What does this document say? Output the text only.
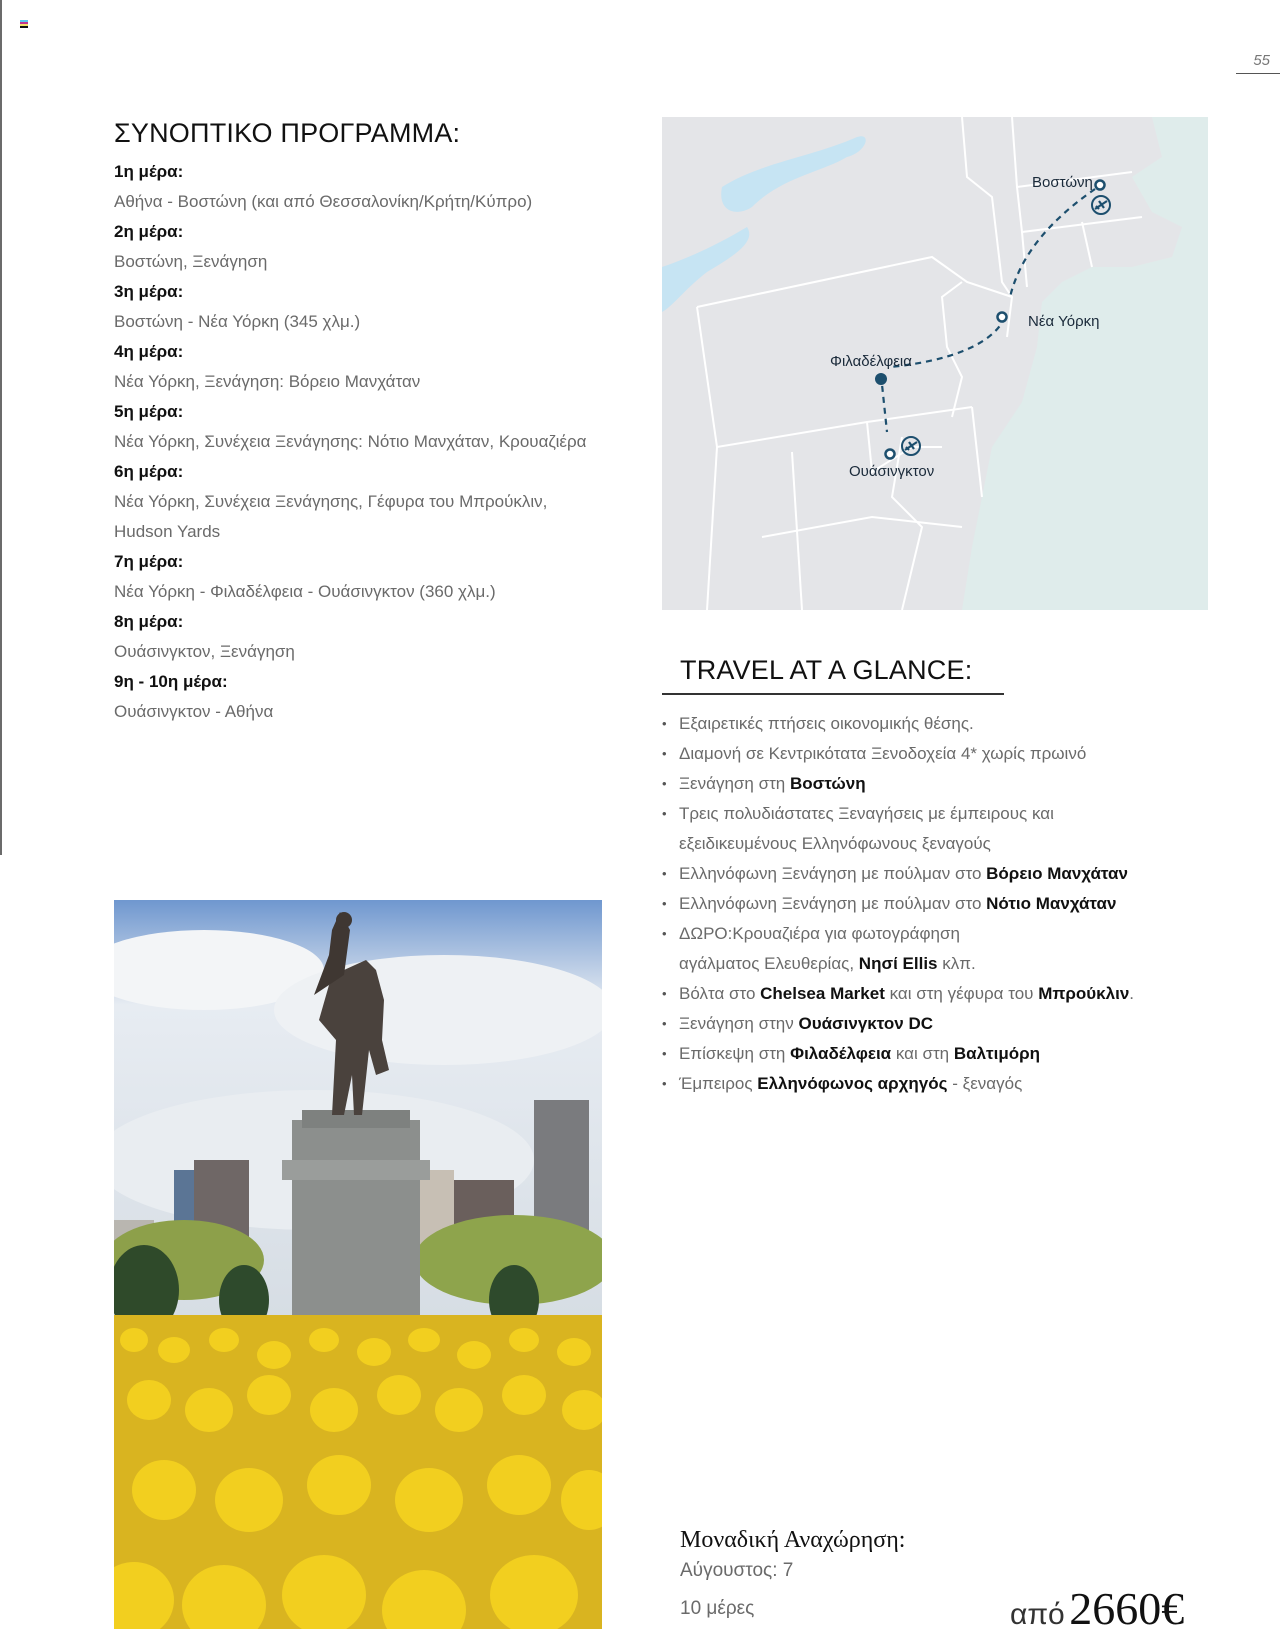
55
ΣΥΝΟΠΤΙΚΟ ΠΡΟΓΡΑΜΜΑ:
1η μέρα:
Αθήνα - Βοστώνη (και από Θεσσαλονίκη/Κρήτη/Κύπρο)
2η μέρα:
Βοστώνη, Ξενάγηση
3η μέρα:
Βοστώνη - Νέα Υόρκη (345 χλμ.)
4η μέρα:
Νέα Υόρκη, Ξενάγηση: Βόρειο Μανχάταν
5η μέρα:
Νέα Υόρκη, Συνέχεια Ξενάγησης: Νότιο Μανχάταν, Κρουαζιέρα
6η μέρα:
Νέα Υόρκη, Συνέχεια Ξενάγησης, Γέφυρα του Μπρούκλιν,
Hudson Yards
7η μέρα:
Νέα Υόρκη - Φιλαδέλφεια - Ουάσινγκτον (360 χλμ.)
8η μέρα:
Ουάσινγκτον, Ξενάγηση
9η - 10η μέρα:
Ουάσινγκτον - Αθήνα
Βοστώνη
Νέα Υόρκη
Φιλαδέλφεια
Ουάσινγκτον
TRAVEL AT A GLANCE:
• Εξαιρετικές πτήσεις οικονομικής θέσης.
• Διαμονή σε Κεντρικότατα Ξενοδοχεία 4* χωρίς πρωινό
• Ξενάγηση στη Βοστώνη
• Τρεις πολυδιάστατες Ξεναγήσεις με έμπειρους και εξειδικευμένους Ελληνόφωνους ξεναγούς
• Ελληνόφωνη Ξενάγηση με πούλμαν στο Βόρειο Μανχάταν
• Ελληνόφωνη Ξενάγηση με πούλμαν στο Νότιο Μανχάταν
• ΔΩΡΟ:Κρουαζιέρα για φωτογράφηση αγάλματος Ελευθερίας, Νησί Ellis κλπ.
• Βόλτα στο Chelsea Market και στη γέφυρα του Μπρούκλιν.
• Ξενάγηση στην Ουάσινγκτον DC
• Επίσκεψη στη Φιλαδέλφεια και στη Βαλτιμόρη
• Έμπειρος Ελληνόφωνος αρχηγός - ξεναγός
Μοναδική Αναχώρηση:
Αύγουστος: 7
10 μέρες	από 2660€
